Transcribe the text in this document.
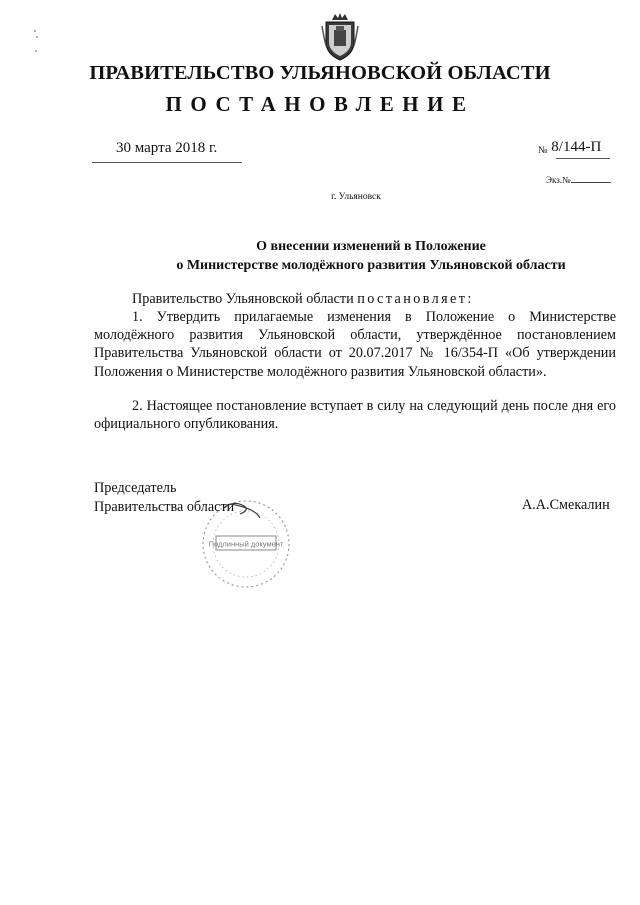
ПРАВИТЕЛЬСТВО УЛЬЯНОВСКОЙ ОБЛАСТИ
ПОСТАНОВЛЕНИЕ
30 марта 2018 г.	№ 8/144-П
Экз.№
г. Ульяновск
О внесении изменений в Положение
о Министерстве молодёжного развития Ульяновской области
Правительство Ульяновской области постановляет:
1. Утвердить прилагаемые изменения в Положение о Министерстве молодёжного развития Ульяновской области, утверждённое постановлением Правительства Ульяновской области от 20.07.2017 № 16/354-П «Об утверждении Положения о Министерстве молодёжного развития Ульяновской области».
2. Настоящее постановление вступает в силу на следующий день после дня его официального опубликования.
Председатель
Правительства области	А.А.Смекалин
Подлинный документ
